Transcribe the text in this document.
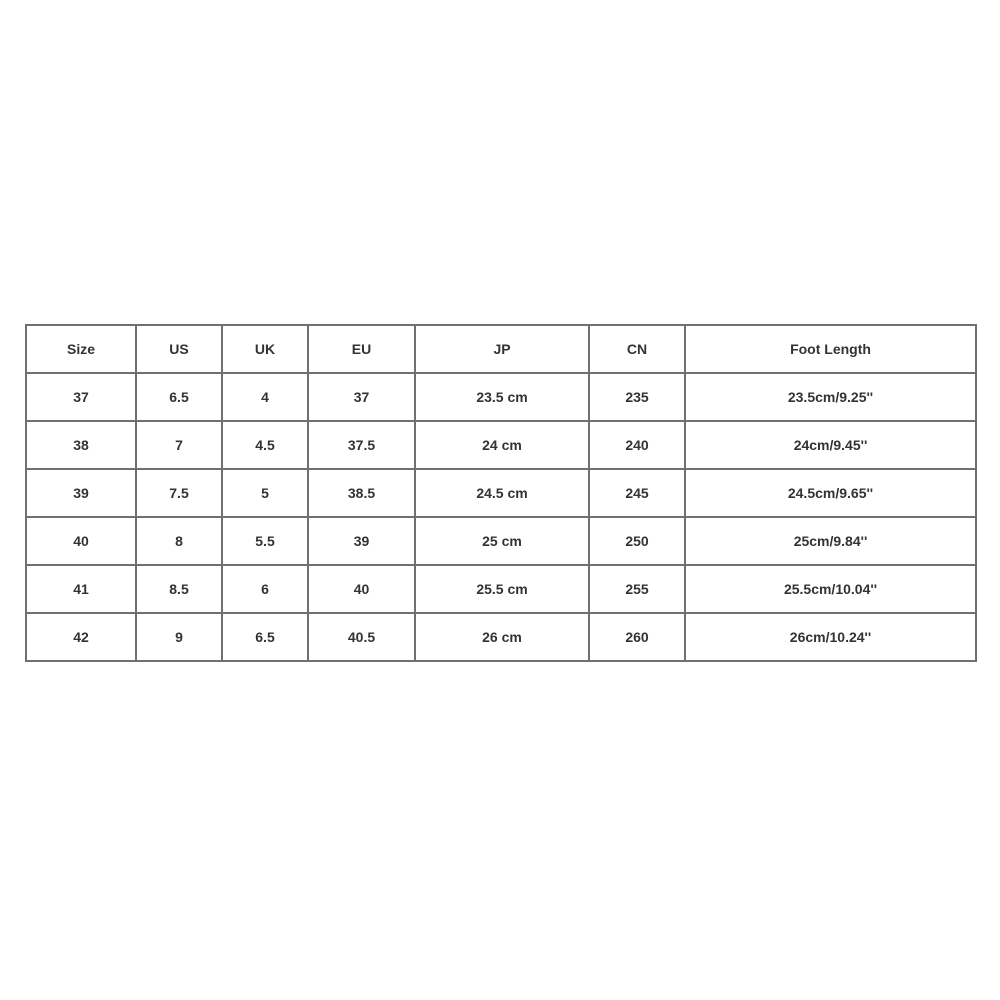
Size	US	UK	EU	JP	CN	Foot Length
37	6.5	4	37	23.5 cm	235	23.5cm/9.25''
38	7	4.5	37.5	24 cm	240	24cm/9.45''
39	7.5	5	38.5	24.5 cm	245	24.5cm/9.65''
40	8	5.5	39	25 cm	250	25cm/9.84''
41	8.5	6	40	25.5 cm	255	25.5cm/10.04''
42	9	6.5	40.5	26 cm	260	26cm/10.24''
